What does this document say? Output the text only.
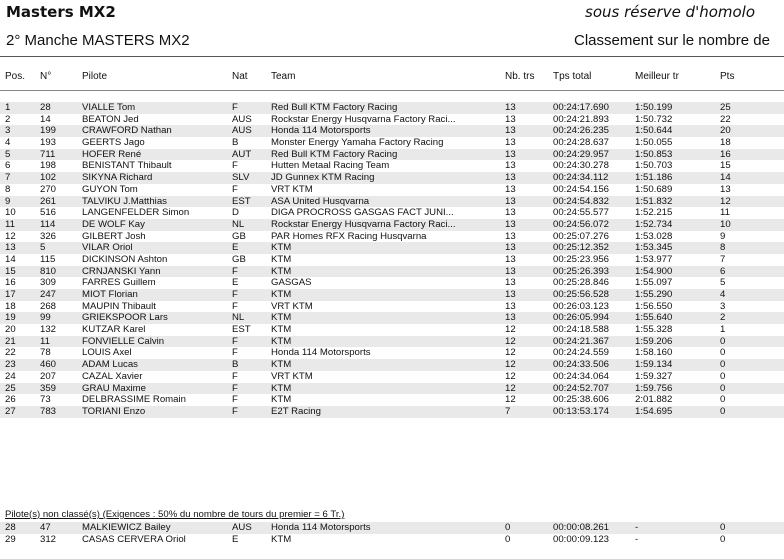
Masters MX2
2° Manche MASTERS MX2
sous réserve d'homolo
Classement sur le nombre de
Pos. N°	Pilote	Nat Team	Nb. trs Tps total	Meilleur tr	Pts
1	28	VIALLE Tom	F	Red Bull KTM Factory Racing	13	00:24:17.690	1:50.199	25
2	14	BEATON Jed	AUS	Rockstar Energy Husqvarna Factory Raci...	13	00:24:21.893	1:50.732	22
3	199	CRAWFORD Nathan	AUS	Honda 114 Motorsports	13	00:24:26.235	1:50.644	20
4	193	GEERTS Jago	B	Monster Energy Yamaha Factory Racing	13	00:24:28.637	1:50.055	18
5	711	HOFER René	AUT	Red Bull KTM Factory Racing	13	00:24:29.957	1:50.853	16
6	198	BENISTANT Thibault	F	Hutten Metaal Racing Team	13	00:24:30.278	1:50.703	15
7	102	SIKYNA Richard	SLV	JD Gunnex KTM Racing	13	00:24:34.112	1:51.186	14
8	270	GUYON Tom	F	VRT KTM	13	00:24:54.156	1:50.689	13
9	261	TALVIKU J.Matthias	EST	ASA United Husqvarna	13	00:24:54.832	1:51.832	12
10	516	LANGENFELDER Simon	D	DIGA PROCROSS GASGAS FACT JUNI...	13	00:24:55.577	1:52.215	11
11	114	DE WOLF Kay	NL	Rockstar Energy Husqvarna Factory Raci...	13	00:24:56.072	1:52.734	10
12	326	GILBERT Josh	GB	PAR Homes RFX Racing Husqvarna	13	00:25:07.276	1:53.028	9
13	5	VILAR Oriol	E	KTM	13	00:25:12.352	1:53.345	8
14	115	DICKINSON Ashton	GB	KTM	13	00:25:23.956	1:53.977	7
15	810	CRNJANSKI Yann	F	KTM	13	00:25:26.393	1:54.900	6
16	309	FARRES Guillem	E	GASGAS	13	00:25:28.846	1:55.097	5
17	247	MIOT Florian	F	KTM	13	00:25:56.528	1:55.290	4
18	268	MAUPIN Thibault	F	VRT KTM	13	00:26:03.123	1:56.550	3
19	99	GRIEKSPOOR Lars	NL	KTM	13	00:26:05.994	1:55.640	2
20	132	KUTZAR Karel	EST	KTM	12	00:24:18.588	1:55.328	1
21	11	FONVIELLE Calvin	F	KTM	12	00:24:21.367	1:59.206	0
22	78	LOUIS Axel	F	Honda 114 Motorsports	12	00:24:24.559	1:58.160	0
23	460	ADAM Lucas	B	KTM	12	00:24:33.506	1:59.134	0
24	207	CAZAL Xavier	F	VRT KTM	12	00:24:34.064	1:59.327	0
25	359	GRAU Maxime	F	KTM	12	00:24:52.707	1:59.756	0
26	73	DELBRASSIME Romain	F	KTM	12	00:25:38.606	2:01.882	0
27	783	TORIANI Enzo	F	E2T Racing	7	00:13:53.174	1:54.695	0
Pilote(s) non classé(s) (Exigences : 50% du nombre de tours du premier = 6 Tr.)
28	47	MALKIEWICZ Bailey	AUS	Honda 114 Motorsports	0	00:00:08.261	-	0
29	312	CASAS CERVERA Oriol	E	KTM	0	00:00:09.123	-	0
